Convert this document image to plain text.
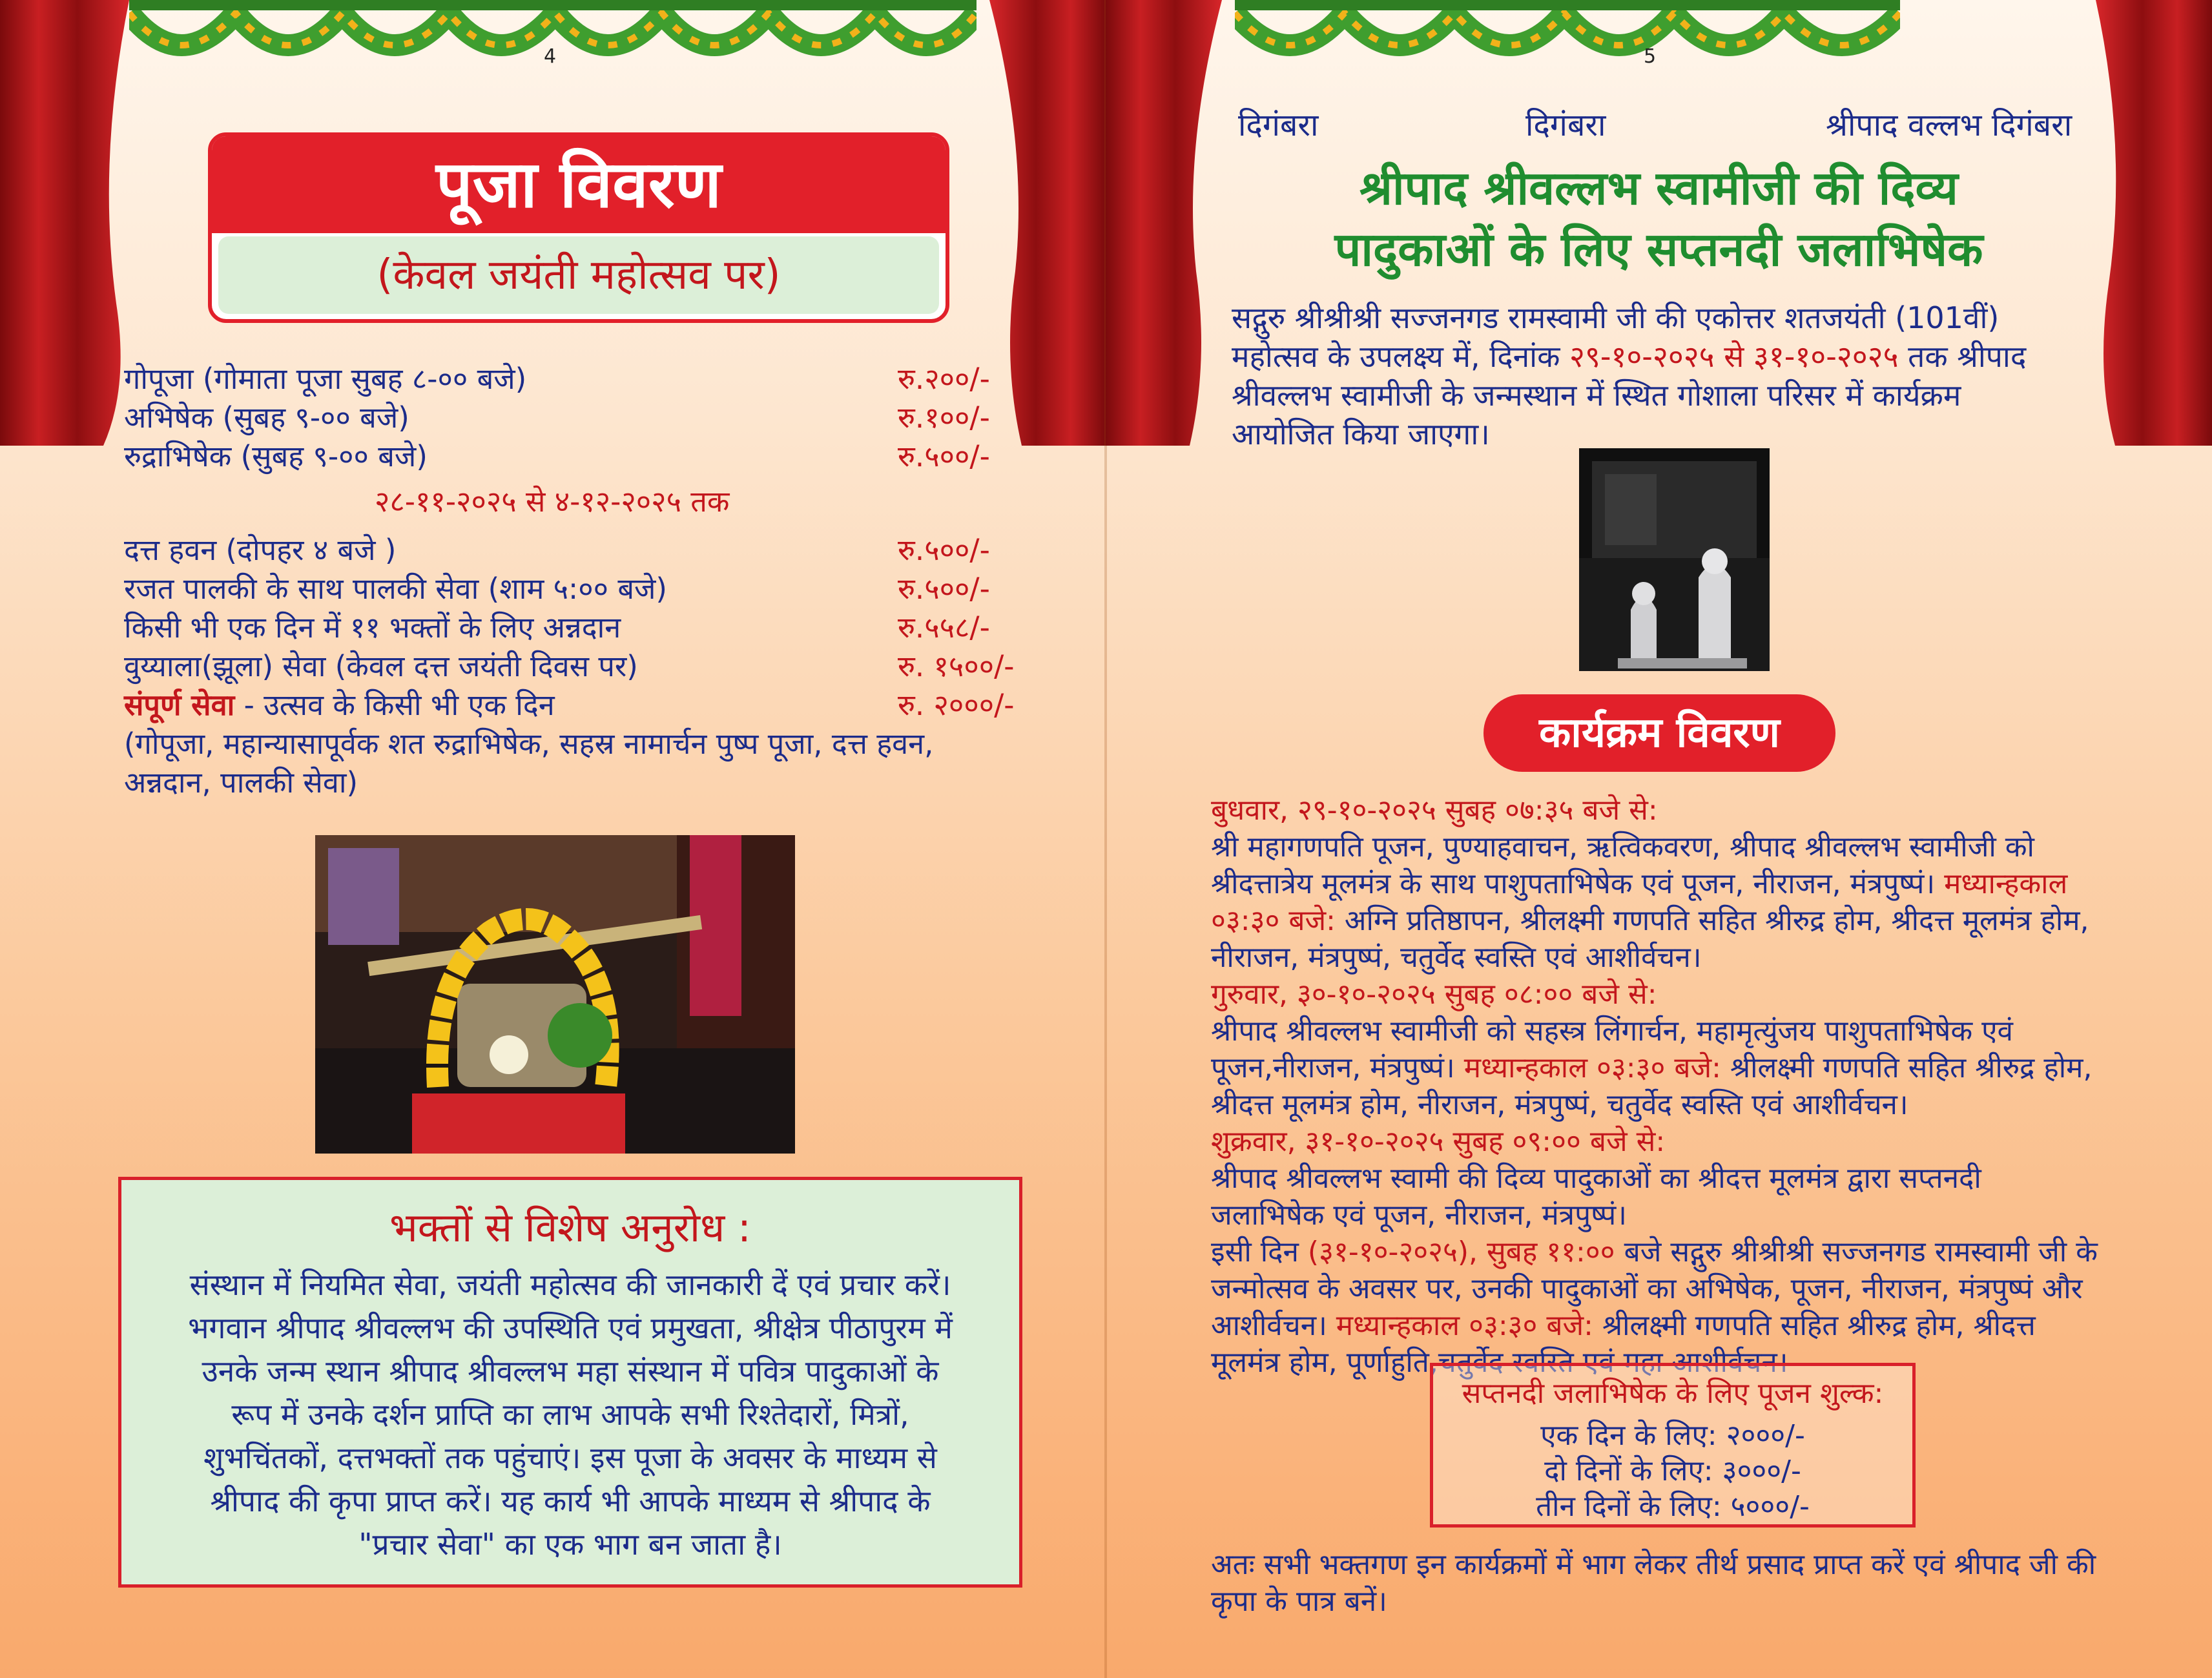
4
पूजा विवरण
(केवल जयंती महोत्सव पर)
गोपूजा (गोमाता पूजा सुबह ८-०० बजे)	रु.२००/-
अभिषेक (सुबह ९-०० बजे)	रु.१००/-
रुद्राभिषेक (सुबह ९-०० बजे)	रु.५००/-
२८-११-२०२५ से ४-१२-२०२५ तक
दत्त हवन (दोपहर ४ बजे )	रु.५००/-
रजत पालकी के साथ पालकी सेवा (शाम ५:०० बजे)	रु.५००/-
किसी भी एक दिन में ११ भक्तों के लिए अन्नदान	रु.५५८/-
वुय्याला(झूला) सेवा (केवल दत्त जयंती दिवस पर)	रु. १५००/-
संपूर्ण सेवा - उत्सव के किसी भी एक दिन	रु. २०००/-
(गोपूजा, महान्यासापूर्वक शत रुद्राभिषेक, सहस्र नामार्चन पुष्प पूजा, दत्त हवन,
अन्नदान, पालकी सेवा)
भक्तों से विशेष अनुरोध :
संस्थान में नियमित सेवा, जयंती महोत्सव की जानकारी दें एवं प्रचार करें।
भगवान श्रीपाद श्रीवल्लभ की उपस्थिति एवं प्रमुखता, श्रीक्षेत्र पीठापुरम में
उनके जन्म स्थान श्रीपाद श्रीवल्लभ महा संस्थान में पवित्र पादुकाओं के
रूप में उनके दर्शन प्राप्ति का लाभ आपके सभी रिश्तेदारों, मित्रों,
शुभचिंतकों, दत्तभक्तों तक पहुंचाएं। इस पूजा के अवसर के माध्यम से
श्रीपाद की कृपा प्राप्त करें। यह कार्य भी आपके माध्यम से श्रीपाद के
"प्रचार सेवा" का एक भाग बन जाता है।
5
दिगंबरा	दिगंबरा	श्रीपाद वल्लभ दिगंबरा
श्रीपाद श्रीवल्लभ स्वामीजी की दिव्य
पादुकाओं के लिए सप्तनदी जलाभिषेक
सद्गुरु श्रीश्रीश्री सज्जनगड रामस्वामी जी की एकोत्तर शतजयंती (101वीं)
महोत्सव के उपलक्ष्य में, दिनांक २९-१०-२०२५ से ३१-१०-२०२५ तक श्रीपाद
श्रीवल्लभ स्वामीजी के जन्मस्थान में स्थित गोशाला परिसर में कार्यक्रम
आयोजित किया जाएगा।
कार्यक्रम विवरण
बुधवार, २९-१०-२०२५ सुबह ०७:३५ बजे से:
श्री महागणपति पूजन, पुण्याहवाचन, ऋत्विकवरण, श्रीपाद श्रीवल्लभ स्वामीजी को
श्रीदत्तात्रेय मूलमंत्र के साथ पाशुपताभिषेक एवं पूजन, नीराजन, मंत्रपुष्पं। मध्यान्हकाल
०३:३० बजे: अग्नि प्रतिष्ठापन, श्रीलक्ष्मी गणपति सहित श्रीरुद्र होम, श्रीदत्त मूलमंत्र होम,
नीराजन, मंत्रपुष्पं, चतुर्वेद स्वस्ति एवं आशीर्वचन।
गुरुवार, ३०-१०-२०२५ सुबह ०८:०० बजे से:
श्रीपाद श्रीवल्लभ स्वामीजी को सहस्त्र लिंगार्चन, महामृत्युंजय पाशुपताभिषेक एवं
पूजन,नीराजन, मंत्रपुष्पं। मध्यान्हकाल ०३:३० बजे: श्रीलक्ष्मी गणपति सहित श्रीरुद्र होम,
श्रीदत्त मूलमंत्र होम, नीराजन, मंत्रपुष्पं, चतुर्वेद स्वस्ति एवं आशीर्वचन।
शुक्रवार, ३१-१०-२०२५ सुबह ०९:०० बजे से:
श्रीपाद श्रीवल्लभ स्वामी की दिव्य पादुकाओं का श्रीदत्त मूलमंत्र द्वारा सप्तनदी
जलाभिषेक एवं पूजन, नीराजन, मंत्रपुष्पं।
इसी दिन (३१-१०-२०२५), सुबह ११:०० बजे सद्गुरु श्रीश्रीश्री सज्जनगड रामस्वामी जी के
जन्मोत्सव के अवसर पर, उनकी पादुकाओं का अभिषेक, पूजन, नीराजन, मंत्रपुष्पं और
आशीर्वचन। मध्यान्हकाल ०३:३० बजे: श्रीलक्ष्मी गणपति सहित श्रीरुद्र होम, श्रीदत्त
मूलमंत्र होम, पूर्णाहुति,चतुर्वेद स्वस्ति एवं महा आशीर्वचन।
सप्तनदी जलाभिषेक के लिए पूजन शुल्क:
एक दिन के लिए: २०००/-
दो दिनों के लिए: ३०००/-
तीन दिनों के लिए: ५०००/-
अतः सभी भक्तगण इन कार्यक्रमों में भाग लेकर तीर्थ प्रसाद प्राप्त करें एवं श्रीपाद जी की
कृपा के पात्र बनें।
